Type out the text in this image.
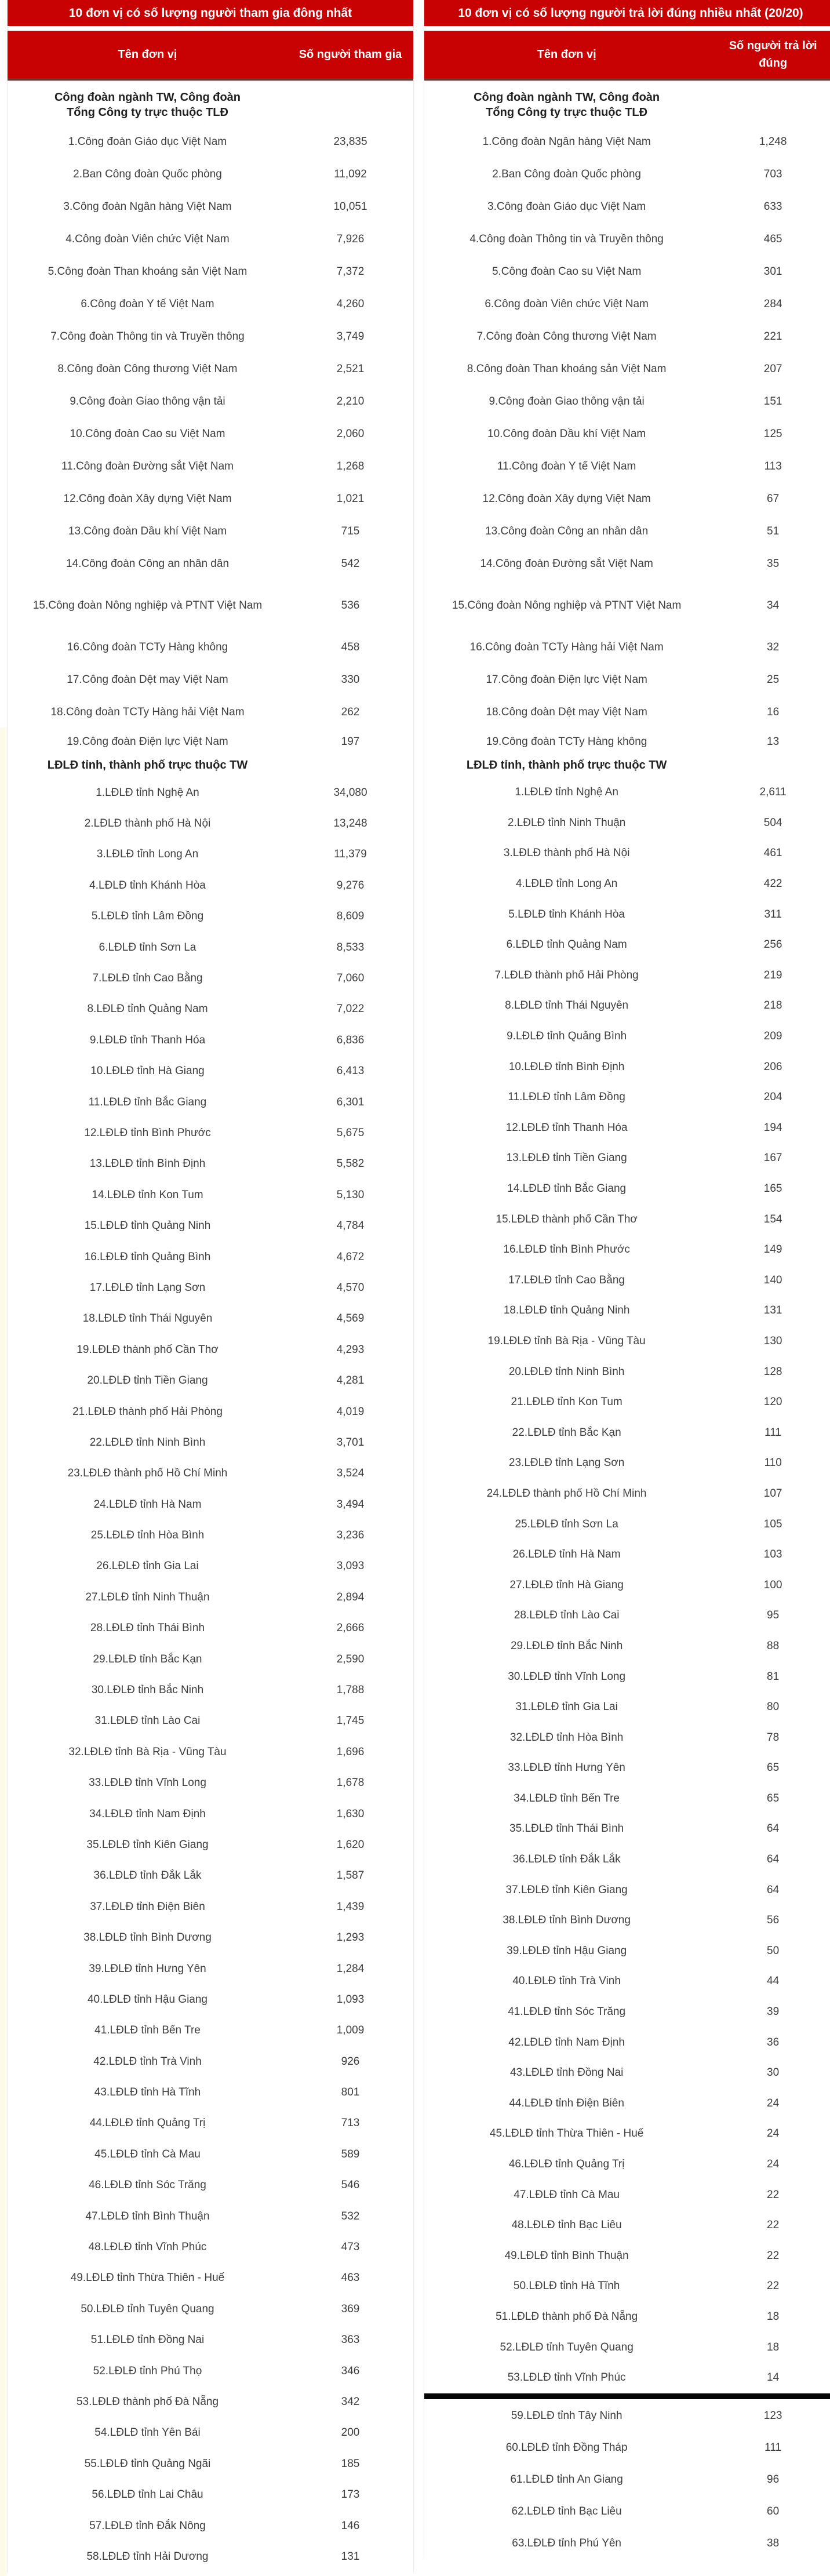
10 đơn vị có số lượng người tham gia đông nhất
Tên đơn vị	Số người tham gia
Công đoàn ngành TW, Công đoàn Tổng Công ty trực thuộc TLĐ
1.Công đoàn Giáo dục Việt Nam	23,835
2.Ban Công đoàn Quốc phòng	11,092
3.Công đoàn Ngân hàng Việt Nam	10,051
4.Công đoàn Viên chức Việt Nam	7,926
5.Công đoàn Than khoáng sản Việt Nam	7,372
6.Công đoàn Y tế Việt Nam	4,260
7.Công đoàn Thông tin và Truyền thông	3,749
8.Công đoàn Công thương Việt Nam	2,521
9.Công đoàn Giao thông vận tải	2,210
10.Công đoàn Cao su Việt Nam	2,060
11.Công đoàn Đường sắt Việt Nam	1,268
12.Công đoàn Xây dựng Việt Nam	1,021
13.Công đoàn Dầu khí Việt Nam	715
14.Công đoàn Công an nhân dân	542
15.Công đoàn Nông nghiệp và PTNT Việt Nam	536
16.Công đoàn TCTy Hàng không	458
17.Công đoàn Dệt may Việt Nam	330
18.Công đoàn TCTy Hàng hải Việt Nam	262
19.Công đoàn Điện lực Việt Nam	197
LĐLĐ tỉnh, thành phố trực thuộc TW
1.LĐLĐ tỉnh Nghệ An	34,080
2.LĐLĐ thành phố Hà Nội	13,248
3.LĐLĐ tỉnh Long An	11,379
4.LĐLĐ tỉnh Khánh Hòa	9,276
5.LĐLĐ tỉnh Lâm Đồng	8,609
6.LĐLĐ tỉnh Sơn La	8,533
7.LĐLĐ tỉnh Cao Bằng	7,060
8.LĐLĐ tỉnh Quảng Nam	7,022
9.LĐLĐ tỉnh Thanh Hóa	6,836
10.LĐLĐ tỉnh Hà Giang	6,413
11.LĐLĐ tỉnh Bắc Giang	6,301
12.LĐLĐ tỉnh Bình Phước	5,675
13.LĐLĐ tỉnh Bình Định	5,582
14.LĐLĐ tỉnh Kon Tum	5,130
15.LĐLĐ tỉnh Quảng Ninh	4,784
16.LĐLĐ tỉnh Quảng Bình	4,672
17.LĐLĐ tỉnh Lạng Sơn	4,570
18.LĐLĐ tỉnh Thái Nguyên	4,569
19.LĐLĐ thành phố Cần Thơ	4,293
20.LĐLĐ tỉnh Tiền Giang	4,281
21.LĐLĐ thành phố Hải Phòng	4,019
22.LĐLĐ tỉnh Ninh Bình	3,701
23.LĐLĐ thành phố Hồ Chí Minh	3,524
24.LĐLĐ tỉnh Hà Nam	3,494
25.LĐLĐ tỉnh Hòa Bình	3,236
26.LĐLĐ tỉnh Gia Lai	3,093
27.LĐLĐ tỉnh Ninh Thuận	2,894
28.LĐLĐ tỉnh Thái Bình	2,666
29.LĐLĐ tỉnh Bắc Kạn	2,590
30.LĐLĐ tỉnh Bắc Ninh	1,788
31.LĐLĐ tỉnh Lào Cai	1,745
32.LĐLĐ tỉnh Bà Rịa - Vũng Tàu	1,696
33.LĐLĐ tỉnh Vĩnh Long	1,678
34.LĐLĐ tỉnh Nam Định	1,630
35.LĐLĐ tỉnh Kiên Giang	1,620
36.LĐLĐ tỉnh Đắk Lắk	1,587
37.LĐLĐ tỉnh Điện Biên	1,439
38.LĐLĐ tỉnh Bình Dương	1,293
39.LĐLĐ tỉnh Hưng Yên	1,284
40.LĐLĐ tỉnh Hậu Giang	1,093
41.LĐLĐ tỉnh Bến Tre	1,009
42.LĐLĐ tỉnh Trà Vinh	926
43.LĐLĐ tỉnh Hà Tĩnh	801
44.LĐLĐ tỉnh Quảng Trị	713
45.LĐLĐ tỉnh Cà Mau	589
46.LĐLĐ tỉnh Sóc Trăng	546
47.LĐLĐ tỉnh Bình Thuận	532
48.LĐLĐ tỉnh Vĩnh Phúc	473
49.LĐLĐ tỉnh Thừa Thiên - Huế	463
50.LĐLĐ tỉnh Tuyên Quang	369
51.LĐLĐ tỉnh Đồng Nai	363
52.LĐLĐ tỉnh Phú Thọ	346
53.LĐLĐ thành phố Đà Nẵng	342
54.LĐLĐ tỉnh Yên Bái	200
55.LĐLĐ tỉnh Quảng Ngãi	185
56.LĐLĐ tỉnh Lai Châu	173
57.LĐLĐ tỉnh Đắk Nông	146
58.LĐLĐ tỉnh Hải Dương	131
10 đơn vị có số lượng người trả lời đúng nhiều nhất (20/20)
Tên đơn vị
Số người trả lời đúng
Công đoàn ngành TW, Công đoàn Tổng Công ty trực thuộc TLĐ
1.Công đoàn Ngân hàng Việt Nam	1,248
2.Ban Công đoàn Quốc phòng	703
3.Công đoàn Giáo dục Việt Nam	633
4.Công đoàn Thông tin và Truyền thông	465
5.Công đoàn Cao su Việt Nam	301
6.Công đoàn Viên chức Việt Nam	284
7.Công đoàn Công thương Việt Nam	221
8.Công đoàn Than khoáng sản Việt Nam	207
9.Công đoàn Giao thông vận tải	151
10.Công đoàn Dầu khí Việt Nam	125
11.Công đoàn Y tế Việt Nam	113
12.Công đoàn Xây dựng Việt Nam	67
13.Công đoàn Công an nhân dân	51
14.Công đoàn Đường sắt Việt Nam	35
15.Công đoàn Nông nghiệp và PTNT Việt Nam	34
16.Công đoàn TCTy Hàng hải Việt Nam	32
17.Công đoàn Điện lực Việt Nam	25
18.Công đoàn Dệt may Việt Nam	16
19.Công đoàn TCTy Hàng không	13
LĐLĐ tỉnh, thành phố trực thuộc TW
1.LĐLĐ tỉnh Nghệ An	2,611
2.LĐLĐ tỉnh Ninh Thuận	504
3.LĐLĐ thành phố Hà Nội	461
4.LĐLĐ tỉnh Long An	422
5.LĐLĐ tỉnh Khánh Hòa	311
6.LĐLĐ tỉnh Quảng Nam	256
7.LĐLĐ thành phố Hải Phòng	219
8.LĐLĐ tỉnh Thái Nguyên	218
9.LĐLĐ tỉnh Quảng Bình	209
10.LĐLĐ tỉnh Bình Định	206
11.LĐLĐ tỉnh Lâm Đồng	204
12.LĐLĐ tỉnh Thanh Hóa	194
13.LĐLĐ tỉnh Tiền Giang	167
14.LĐLĐ tỉnh Bắc Giang	165
15.LĐLĐ thành phố Cần Thơ	154
16.LĐLĐ tỉnh Bình Phước	149
17.LĐLĐ tỉnh Cao Bằng	140
18.LĐLĐ tỉnh Quảng Ninh	131
19.LĐLĐ tỉnh Bà Rịa - Vũng Tàu	130
20.LĐLĐ tỉnh Ninh Bình	128
21.LĐLĐ tỉnh Kon Tum	120
22.LĐLĐ tỉnh Bắc Kạn	111
23.LĐLĐ tỉnh Lạng Sơn	110
24.LĐLĐ thành phố Hồ Chí Minh	107
25.LĐLĐ tỉnh Sơn La	105
26.LĐLĐ tỉnh Hà Nam	103
27.LĐLĐ tỉnh Hà Giang	100
28.LĐLĐ tỉnh Lào Cai	95
29.LĐLĐ tỉnh Bắc Ninh	88
30.LĐLĐ tỉnh Vĩnh Long	81
31.LĐLĐ tỉnh Gia Lai	80
32.LĐLĐ tỉnh Hòa Bình	78
33.LĐLĐ tỉnh Hưng Yên	65
34.LĐLĐ tỉnh Bến Tre	65
35.LĐLĐ tỉnh Thái Bình	64
36.LĐLĐ tỉnh Đắk Lắk	64
37.LĐLĐ tỉnh Kiên Giang	64
38.LĐLĐ tỉnh Bình Dương	56
39.LĐLĐ tỉnh Hậu Giang	50
40.LĐLĐ tỉnh Trà Vinh	44
41.LĐLĐ tỉnh Sóc Trăng	39
42.LĐLĐ tỉnh Nam Định	36
43.LĐLĐ tỉnh Đồng Nai	30
44.LĐLĐ tỉnh Điện Biên	24
45.LĐLĐ tỉnh Thừa Thiên - Huế	24
46.LĐLĐ tỉnh Quảng Trị	24
47.LĐLĐ tỉnh Cà Mau	22
48.LĐLĐ tỉnh Bạc Liêu	22
49.LĐLĐ tỉnh Bình Thuận	22
50.LĐLĐ tỉnh Hà Tĩnh	22
51.LĐLĐ thành phố Đà Nẵng	18
52.LĐLĐ tỉnh Tuyên Quang	18
53.LĐLĐ tỉnh Vĩnh Phúc	14
59.LĐLĐ tỉnh Tây Ninh	123
60.LĐLĐ tỉnh Đồng Tháp	111
61.LĐLĐ tỉnh An Giang	96
62.LĐLĐ tỉnh Bạc Liêu	60
63.LĐLĐ tỉnh Phú Yên	38
